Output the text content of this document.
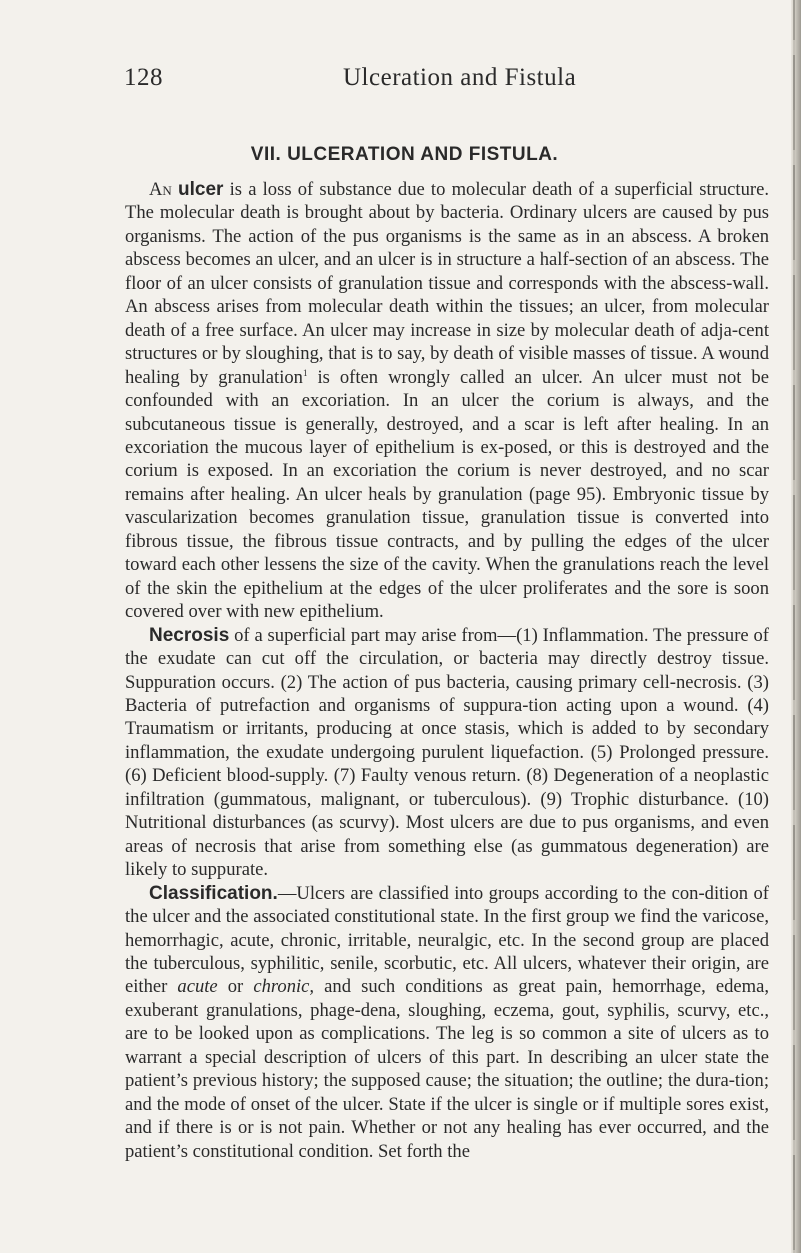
128	Ulceration and Fistula
VII. ULCERATION AND FISTULA.

An ulcer is a loss of substance due to molecular death of a superficial structure. The molecular death is brought about by bacteria. Ordinary ulcers are caused by pus organisms. The action of the pus organisms is the same as in an abscess. A broken abscess becomes an ulcer, and an ulcer is in structure a half-section of an abscess. The floor of an ulcer consists of granulation tissue and corresponds with the abscess-wall. An abscess arises from molecular death within the tissues; an ulcer, from molecular death of a free surface. An ulcer may increase in size by molecular death of adja-cent structures or by sloughing, that is to say, by death of visible masses of tissue. A wound healing by granulation$^1$ is often wrongly called an ulcer. An ulcer must not be confounded with an excoriation. In an ulcer the corium is always, and the subcutaneous tissue is generally, destroyed, and a scar is left after healing. In an excoriation the mucous layer of epithelium is ex-posed, or this is destroyed and the corium is exposed. In an excoriation the corium is never destroyed, and no scar remains after healing. An ulcer heals by granulation (page 95). Embryonic tissue by vascularization becomes granulation tissue, granulation tissue is converted into fibrous tissue, the fibrous tissue contracts, and by pulling the edges of the ulcer toward each other lessens the size of the cavity. When the granulations reach the level of the skin the epithelium at the edges of the ulcer proliferates and the sore is soon covered over with new epithelium.

Necrosis of a superficial part may arise from—(1) Inflammation. The pressure of the exudate can cut off the circulation, or bacteria may directly destroy tissue. Suppuration occurs. (2) The action of pus bacteria, causing primary cell-necrosis. (3) Bacteria of putrefaction and organisms of suppura-tion acting upon a wound. (4) Traumatism or irritants, producing at once stasis, which is added to by secondary inflammation, the exudate undergoing purulent liquefaction. (5) Prolonged pressure. (6) Deficient blood-supply. (7) Faulty venous return. (8) Degeneration of a neoplastic infiltration (gummatous, malignant, or tuberculous). (9) Trophic disturbance. (10) Nutritional disturbances (as scurvy). Most ulcers are due to pus organisms, and even areas of necrosis that arise from something else (as gummatous degeneration) are likely to suppurate.

Classification.—Ulcers are classified into groups according to the con-dition of the ulcer and the associated constitutional state. In the first group we find the varicose, hemorrhagic, acute, chronic, irritable, neuralgic, etc. In the second group are placed the tuberculous, syphilitic, senile, scorbutic, etc. All ulcers, whatever their origin, are either acute or chronic, and such conditions as great pain, hemorrhage, edema, exuberant granulations, phage-dena, sloughing, eczema, gout, syphilis, scurvy, etc., are to be looked upon as complications. The leg is so common a site of ulcers as to warrant a special description of ulcers of this part. In describing an ulcer state the patient’s previous history; the supposed cause; the situation; the outline; the dura-tion; and the mode of onset of the ulcer. State if the ulcer is single or if multiple sores exist, and if there is or is not pain. Whether or not any healing has ever occurred, and the patient’s constitutional condition. Set forth the
